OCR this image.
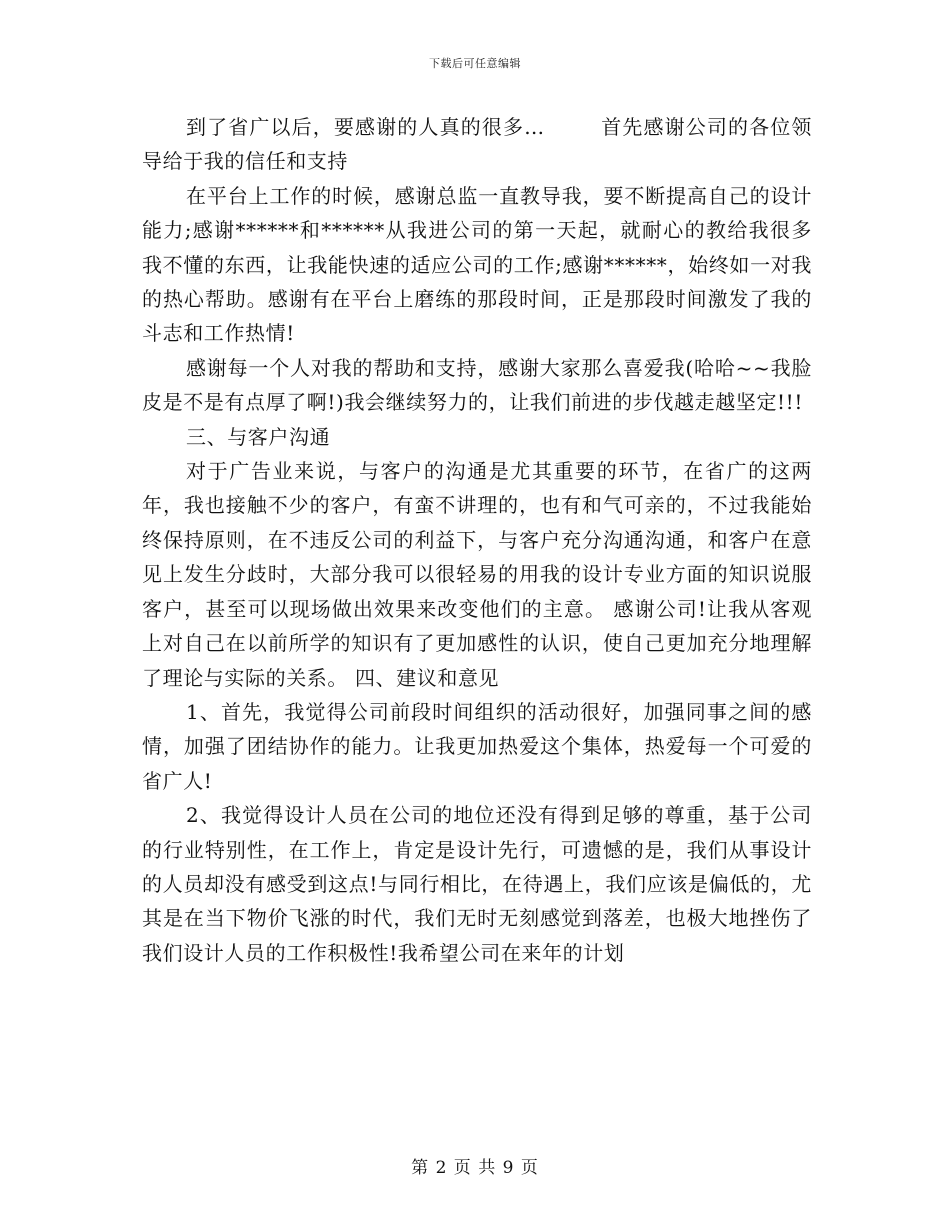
下载后可任意编辑

到了省广以后，要感谢的人真的很多…	首先感谢公司的各位领导给于我的信任和支持

在平台上工作的时候，感谢总监一直教导我，要不断提高自己的设计能力;感谢******和******从我进公司的第一天起，就耐心的教给我很多我不懂的东西，让我能快速的适应公司的工作;感谢******，始终如一对我的热心帮助。感谢有在平台上磨练的那段时间，正是那段时间激发了我的斗志和工作热情!

感谢每一个人对我的帮助和支持，感谢大家那么喜爱我(哈哈~~我脸皮是不是有点厚了啊!)我会继续努力的，让我们前进的步伐越走越坚定!!!

三、与客户沟通

对于广告业来说，与客户的沟通是尤其重要的环节，在省广的这两年，我也接触不少的客户，有蛮不讲理的，也有和气可亲的，不过我能始终保持原则，在不违反公司的利益下，与客户充分沟通沟通，和客户在意见上发生分歧时，大部分我可以很轻易的用我的设计专业方面的知识说服客户，甚至可以现场做出效果来改变他们的主意。 感谢公司!让我从客观上对自己在以前所学的知识有了更加感性的认识，使自己更加充分地理解了理论与实际的关系。 四、建议和意见

1、首先，我觉得公司前段时间组织的活动很好，加强同事之间的感情，加强了团结协作的能力。让我更加热爱这个集体，热爱每一个可爱的省广人!

2、我觉得设计人员在公司的地位还没有得到足够的尊重，基于公司的行业特别性，在工作上，肯定是设计先行，可遗憾的是，我们从事设计的人员却没有感受到这点!与同行相比，在待遇上，我们应该是偏低的，尤其是在当下物价飞涨的时代，我们无时无刻感觉到落差，也极大地挫伤了我们设计人员的工作积极性!我希望公司在来年的计划

第 2 页 共 9 页
